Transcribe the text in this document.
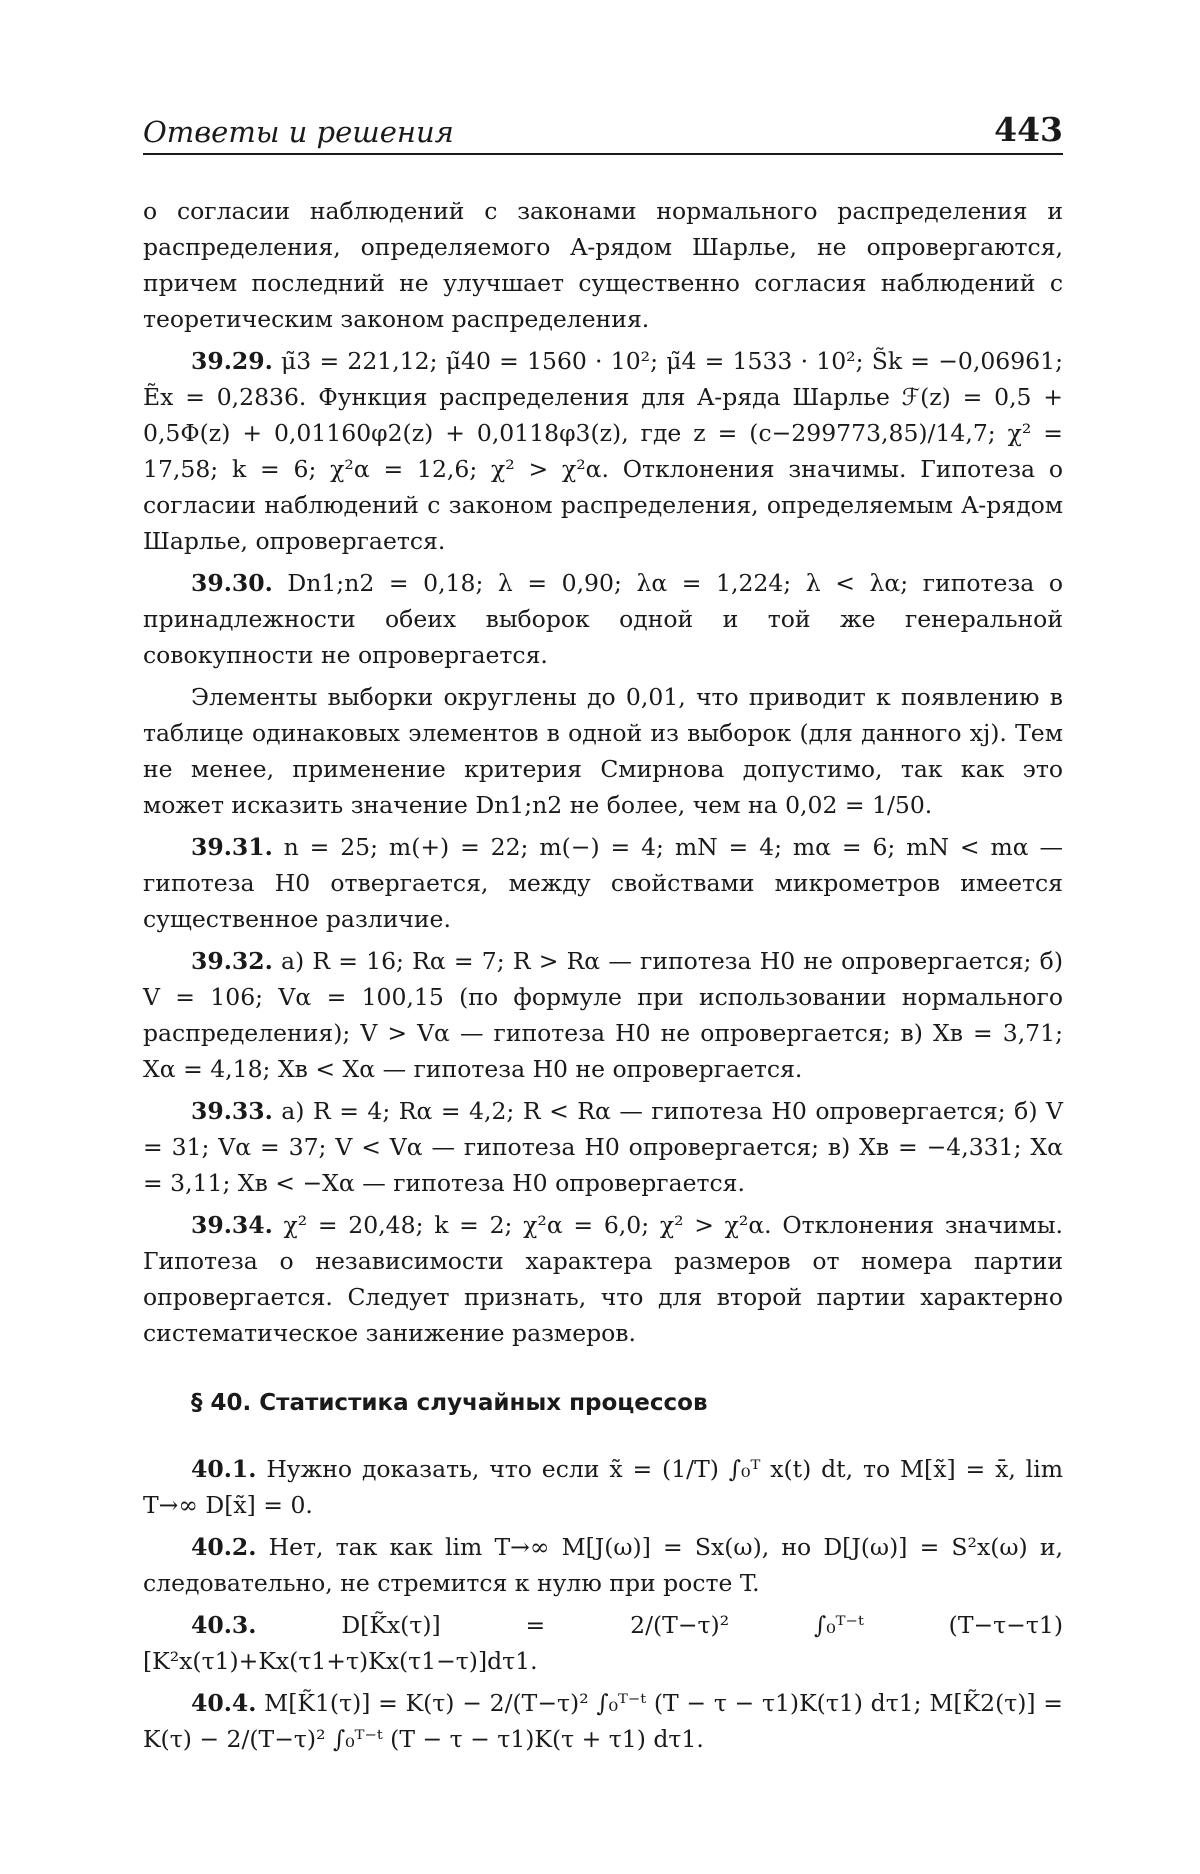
Ответы и решения	443

о согласии наблюдений с законами нормального распределения и распределения, определяемого A-рядом Шарлье, не опровергаются, причем последний не улучшает существенно согласия наблюдений с теоретическим законом распределения.

39.29. μ̃3 = 221,12; μ̃40 = 1560 · 10²; μ̃4 = 1533 · 10²; S̃k = −0,06961; Ẽx = 0,2836. Функция распределения для A-ряда Шарлье ℱ(z) = 0,5 + 0,5Φ(z) + 0,01160φ2(z) + 0,0118φ3(z), где z = (c−299773,85)/14,7; χ² = 17,58; k = 6; χ²α = 12,6; χ² > χ²α. Отклонения значимы. Гипотеза о согласии наблюдений с законом распределения, определяемым A-рядом Шарлье, опровергается.

39.30. Dn1;n2 = 0,18; λ = 0,90; λα = 1,224; λ < λα; гипотеза о принадлежности обеих выборок одной и той же генеральной совокупности не опровергается.

Элементы выборки округлены до 0,01, что приводит к появлению в таблице одинаковых элементов в одной из выборок (для данного xj). Тем не менее, применение критерия Смирнова допустимо, так как это может исказить значение Dn1;n2 не более, чем на 0,02 = 1/50.

39.31. n = 25; m(+) = 22; m(−) = 4; mN = 4; mα = 6; mN < mα — гипотеза H0 отвергается, между свойствами микрометров имеется существенное различие.

39.32. а) R = 16; Rα = 7; R > Rα — гипотеза H0 не опровергается; б) V = 106; Vα = 100,15 (по формуле при использовании нормального распределения); V > Vα — гипотеза H0 не опровергается; в) Xв = 3,71; Xα = 4,18; Xв < Xα — гипотеза H0 не опровергается.

39.33. а) R = 4; Rα = 4,2; R < Rα — гипотеза H0 опровергается; б) V = 31; Vα = 37; V < Vα — гипотеза H0 опровергается; в) Xв = −4,331; Xα = 3,11; Xв < −Xα — гипотеза H0 опровергается.

39.34. χ² = 20,48; k = 2; χ²α = 6,0; χ² > χ²α. Отклонения значимы. Гипотеза о независимости характера размеров от номера партии опровергается. Следует признать, что для второй партии характерно систематическое занижение размеров.

§ 40. Статистика случайных процессов

40.1. Нужно доказать, что если x̃ = (1/T) ∫₀ᵀ x(t) dt, то M[x̃] = x̄, lim T→∞ D[x̃] = 0.

40.2. Нет, так как lim T→∞ M[J(ω)] = Sx(ω), но D[J(ω)] = S²x(ω) и, следовательно, не стремится к нулю при росте T.

40.3.	D[K̃x(τ)] = 2/(T−τ)² ∫₀ᵀ⁻ᵗ (T−τ−τ1)[K²x(τ1)+Kx(τ1+τ)Kx(τ1−τ)]dτ1.

40.4. M[K̃1(τ)] = K(τ) − 2/(T−τ)² ∫₀ᵀ⁻ᵗ (T − τ − τ1)K(τ1) dτ1; M[K̃2(τ)] = K(τ) − 2/(T−τ)² ∫₀ᵀ⁻ᵗ (T − τ − τ1)K(τ + τ1) dτ1.
